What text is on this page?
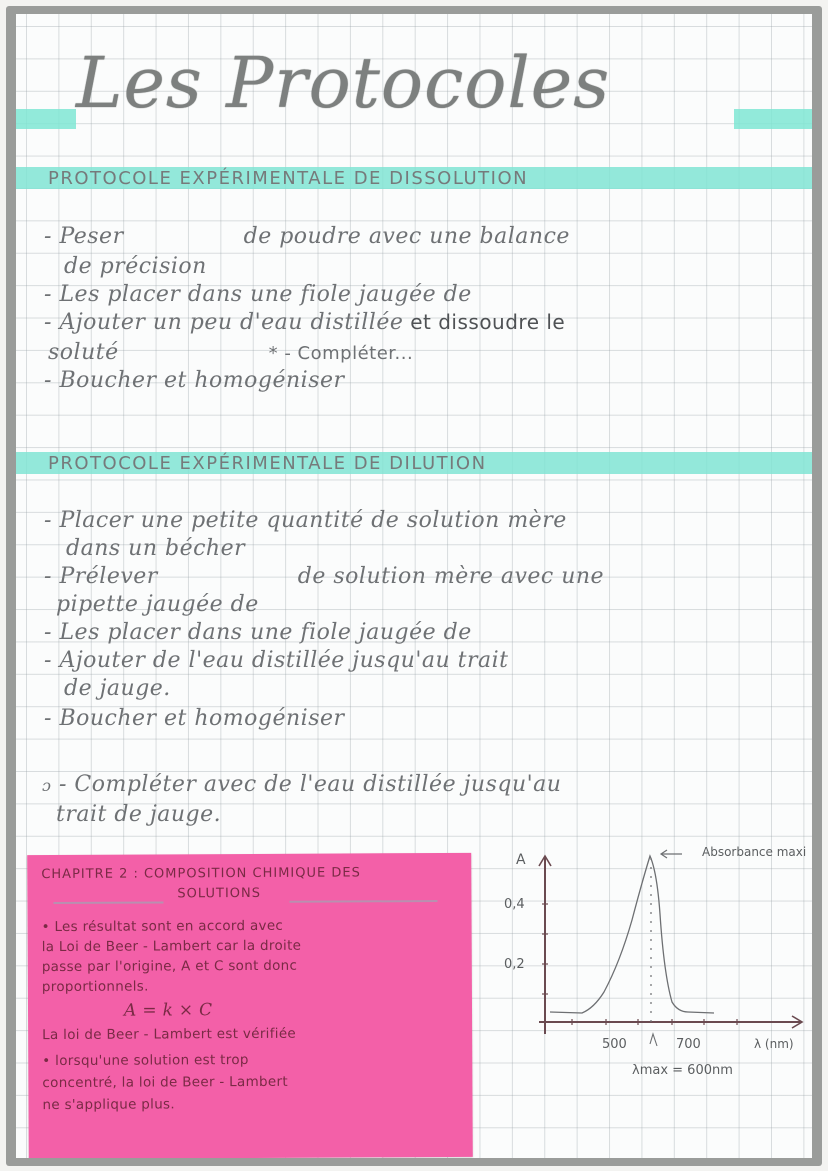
Les Protocoles
PROTOCOLE EXPÉRIMENTALE DE DISSOLUTION
- Peser	de poudre avec une balance
de précision
- Les placer dans une fiole jaugée de
- Ajouter un peu d'eau distillée et dissoudre le
soluté	* - Compléter...
- Boucher et homogéniser
PROTOCOLE EXPÉRIMENTALE DE DILUTION
- Placer une petite quantité de solution mère
dans un bécher
- Prélever	de solution mère avec une
pipette jaugée de
- Les placer dans une fiole jaugée de
- Ajouter de l'eau distillée jusqu'au trait
de jauge.
- Boucher et homogéniser
ɔ - Compléter avec de l'eau distillée jusqu'au
trait de jauge.
CHAPITRE 2 : COMPOSITION CHIMIQUE DES
SOLUTIONS
• Les résultat sont en accord avec
la Loi de Beer - Lambert car la droite
passe par l'origine, A et C sont donc
proportionnels.
A = k × C
La loi de Beer - Lambert est vérifiée
• lorsqu'une solution est trop
concentré, la loi de Beer - Lambert
ne s'applique plus.
A
0,4
0,2
500	700	λ (nm)
Absorbance maxi
λmax = 600nm
